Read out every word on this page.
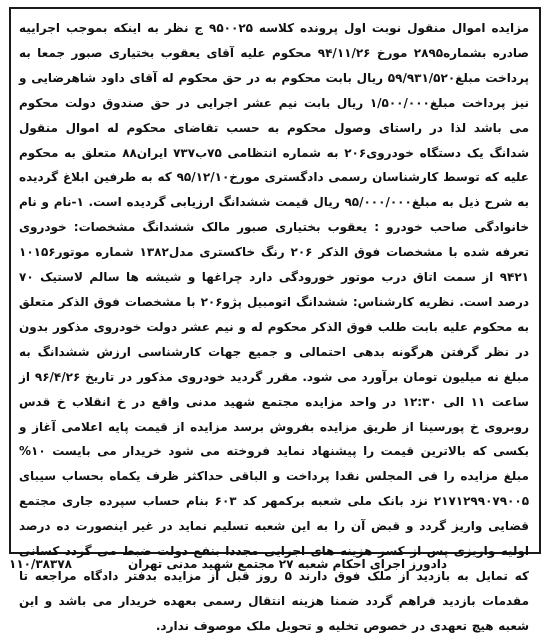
مزایده اموال منقول نوبت اول پرونده کلاسه ۹۵۰۰۲۵ ج نظر به اینکه بموجب اجراییه صادره بشماره۲۸۹۵ مورخ ۹۴/۱۱/۲۶ محکوم علیه آقای یعقوب بختیاری صبور جمعا به پرداخت مبلغ۵۹/۹۳۱/۵۲۰ ریال بابت محکوم به در حق محکوم له آقای داود شاهرضایی و نیز پرداخت مبلغ۱/۵۰۰/۰۰۰ ریال بابت نیم عشر اجرایی در حق صندوق دولت محکوم می باشد لذا در راستای وصول محکوم به حسب تقاضای محکوم له اموال منقول شدانگ یک دستگاه خودروی۲۰۶ به شماره انتظامی ۷۵ب۷۳۷ ایران۸۸ متعلق به محکوم علیه که توسط کارشناسان رسمی دادگستری مورخ۹۵/۱۲/۱۰ که به طرفین ابلاغ گردیده به شرح ذیل به مبلغ۹۵/۰۰۰/۰۰۰ ریال قیمت ششدانگ ارزیابی گردیده است. ۱-نام و نام خانوادگی صاحب خودرو : یعقوب بختیاری صبور مالک ششدانگ مشخصات: خودروی تعرفه شده با مشخصات فوق الذکر ۲۰۶ رنگ خاکستری مدل۱۳۸۲ شماره موتور۱۰۱۵۶ ۹۴۲۱ از سمت اتاق درب موتور خورودگی دارد چراغها و شیشه ها سالم لاستیک ۷۰ درصد است. نظریه کارشناس: ششدانگ اتومبیل پژو۲۰۶ با مشخصات فوق الذکر متعلق به محکوم علیه بابت طلب فوق الذکر محکوم له و نیم عشر دولت خودروی مذکور بدون در نظر گرفتن هرگونه بدهی احتمالی و جمیع جهات کارشناسی ارزش ششدانگ به مبلغ نه میلیون تومان برآورد می شود. مقرر گردید خودروی مذکور در تاریخ ۹۶/۴/۲۶ از ساعت ۱۱ الی ۱۲:۳۰ در واحد مزایده مجتمع شهید مدنی واقع در خ انقلاب خ قدس روبروی خ پورسینا از طریق مزایده بفروش برسد مزایده از قیمت پایه اعلامی آغاز و بکسی که بالاترین قیمت را پیشنهاد نماید فروخته می شود خریدار می بایست ۱۰% مبلغ مزایده را فی المجلس نقدا پرداخت و الباقی حداکثر ظرف یکماه بحساب سیبای ۲۱۷۱۲۹۹۰۷۹۰۰۵ نزد بانک ملی شعبه برکمهر کد ۶۰۳ بنام حساب سپرده جاری مجتمع قضایی واریز گردد و قبض آن را به این شعبه تسلیم نماید در غیر اینصورت ده درصد اولیه واریزی پس از کسر هزینه های اجرایی مجددا بنفع دولت ضبط می گردد کسانی که تمایل به بازدید از ملک فوق دارند ۵ روز قبل از مزایده بدفتر دادگاه مراجعه تا مقدمات بازدید فراهم گردد ضمنا هزینه انتقال رسمی بعهده خریدار می باشد و این شعبه هیچ تعهدی در خصوص تخلیه و تحویل ملک موصوف ندارد.

دادورز اجرای احکام شعبه ۲۷ مجتمع شهید مدنی تهران
۱۱۰/۳۸۳۷۸
